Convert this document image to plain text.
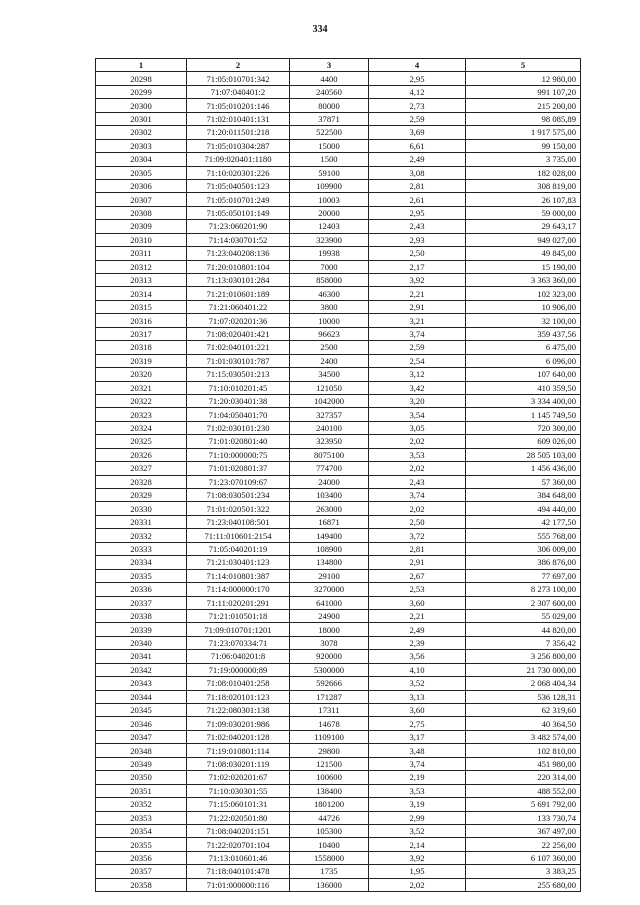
334
1	2	3	4	5
20298	71:05:010701:342	4400	2,95	12 980,00
20299	71:07:040401:2	240560	4,12	991 107,20
20300	71:05:010201:146	80000	2,73	215 200,00
20301	71:02:010401:131	37871	2,59	98 085,89
20302	71:20:011501:218	522500	3,69	1 917 575,00
20303	71:05:010304:287	15000	6,61	99 150,00
20304	71:09:020401:1180	1500	2,49	3 735,00
20305	71:10:020301:226	59100	3,08	182 028,00
20306	71:05:040501:123	109900	2,81	308 819,00
20307	71:05:010701:249	10003	2,61	26 107,83
20308	71:05:050101:149	20000	2,95	59 000,00
20309	71:23:060201:90	12403	2,43	29 643,17
20310	71:14:030701:52	323900	2,93	949 027,00
20311	71:23:040208:136	19938	2,50	49 845,00
20312	71:20:010801:104	7000	2,17	15 190,00
20313	71:13:030101:284	858000	3,92	3 363 360,00
20314	71:21:010601:189	46300	2,21	102 323,00
20315	71:21:060401:22	3800	2,91	10 906,00
20316	71:07:020201:36	10000	3,21	32 100,00
20317	71:08:020401:421	96623	3,74	359 437,56
20318	71:02:040101:221	2500	2,59	6 475,00
20319	71:01:030101:787	2400	2,54	6 096,00
20320	71:15:030501:213	34500	3,12	107 640,00
20321	71:10:010201:45	121050	3,42	410 359,50
20322	71:20:030401:38	1042000	3,20	3 334 400,00
20323	71:04:050401:70	327357	3,54	1 145 749,50
20324	71:02:030101:230	240100	3,05	720 300,00
20325	71:01:020801:40	323950	2,02	609 026,00
20326	71:10:000000:75	8075100	3,53	28 505 103,00
20327	71:01:020801:37	774700	2,02	1 456 436,00
20328	71:23:070109:67	24000	2,43	57 360,00
20329	71:08:030501:234	103400	3,74	384 648,00
20330	71:01:020501:322	263000	2,02	494 440,00
20331	71:23:040108:501	16871	2,50	42 177,50
20332	71:11:010601:2154	149400	3,72	555 768,00
20333	71:05:040201:19	108900	2,81	306 009,00
20334	71:21:030401:123	134800	2,91	386 876,00
20335	71:14:010801:387	29100	2,67	77 697,00
20336	71:14:000000:170	3270000	2,53	8 273 100,00
20337	71:11:020201:291	641000	3,60	2 307 600,00
20338	71:21:010501:18	24900	2,21	55 029,00
20339	71:09:010701:1201	18000	2,49	44 820,00
20340	71:23:070334:71	3078	2,39	7 356,42
20341	71:06:040201:8	920000	3,56	3 256 800,00
20342	71:19:000000:89	5300000	4,10	21 730 000,00
20343	71:08:010401:258	592666	3,52	2 068 404,34
20344	71:18:020101:123	171287	3,13	536 128,31
20345	71:22:080301:138	17311	3,60	62 319,60
20346	71:09:030201:986	14678	2,75	40 364,50
20347	71:02:040201:128	1109100	3,17	3 482 574,00
20348	71:19:010801:114	29800	3,48	102 810,00
20349	71:08:030201:119	121500	3,74	451 980,00
20350	71:02:020201:67	100600	2,19	220 314,00
20351	71:10:030301:55	138400	3,53	488 552,00
20352	71:15:060101:31	1801200	3,19	5 691 792,00
20353	71:22:020501:80	44726	2,99	133 730,74
20354	71:08:040201:151	105300	3,52	367 497,00
20355	71:22:020701:104	10400	2,14	22 256,00
20356	71:13:010601:46	1558000	3,92	6 107 360,00
20357	71:18:040101:478	1735	1,95	3 383,25
20358	71:01:000000:116	136000	2,02	255 680,00
